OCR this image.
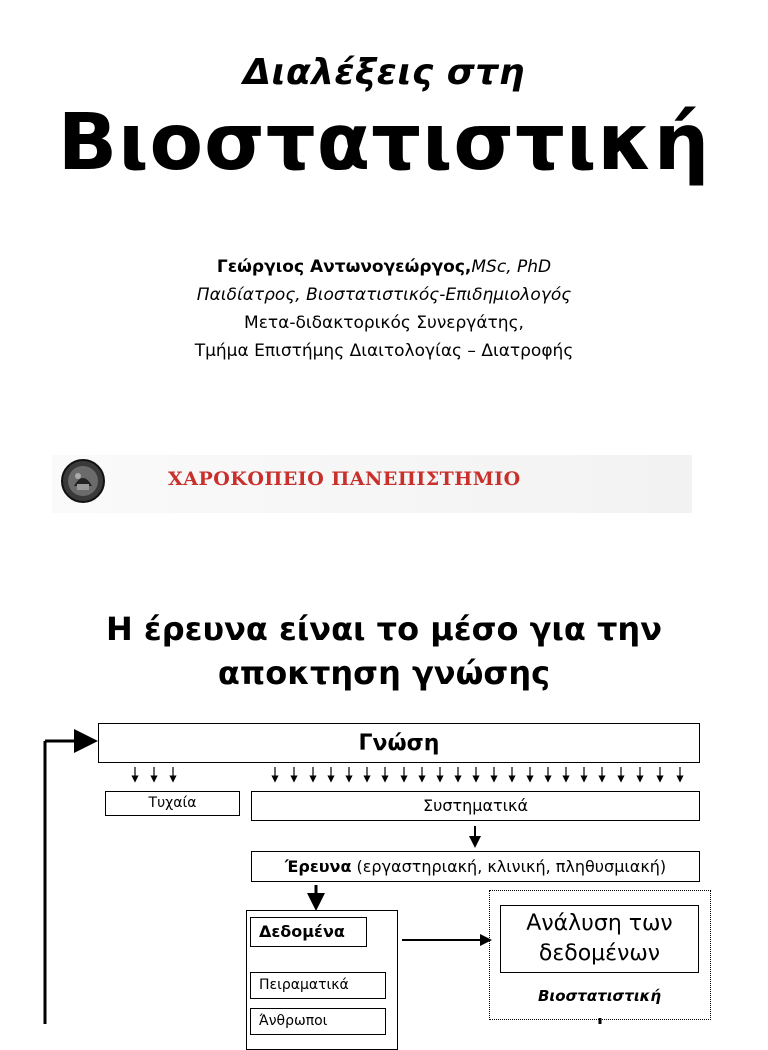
Διαλέξεις στη
Βιοστατιστική
Γεώργιος Αντωνογεώργος,MSc, PhD
Παιδίατρος, Βιοστατιστικός-Επιδημιολογός
Μετα-διδακτορικός Συνεργάτης,
Τμήμα Επιστήμης Διαιτολογίας – Διατροφής
ΧΑΡΟΚΟΠΕΙΟ ΠΑΝΕΠΙΣΤΗΜΙΟ
Η έρευνα είναι το μέσο για την
αποκτηση γνώσης
Γνώση
Τυχαία	Συστηματικά
Έρευνα (εργαστηριακή, κλινική, πληθυσμιακή)
Δεδομένα
Πειραματικά
Άνθρωποι
Ανάλυση των δεδομένων
Βιοστατιστική
